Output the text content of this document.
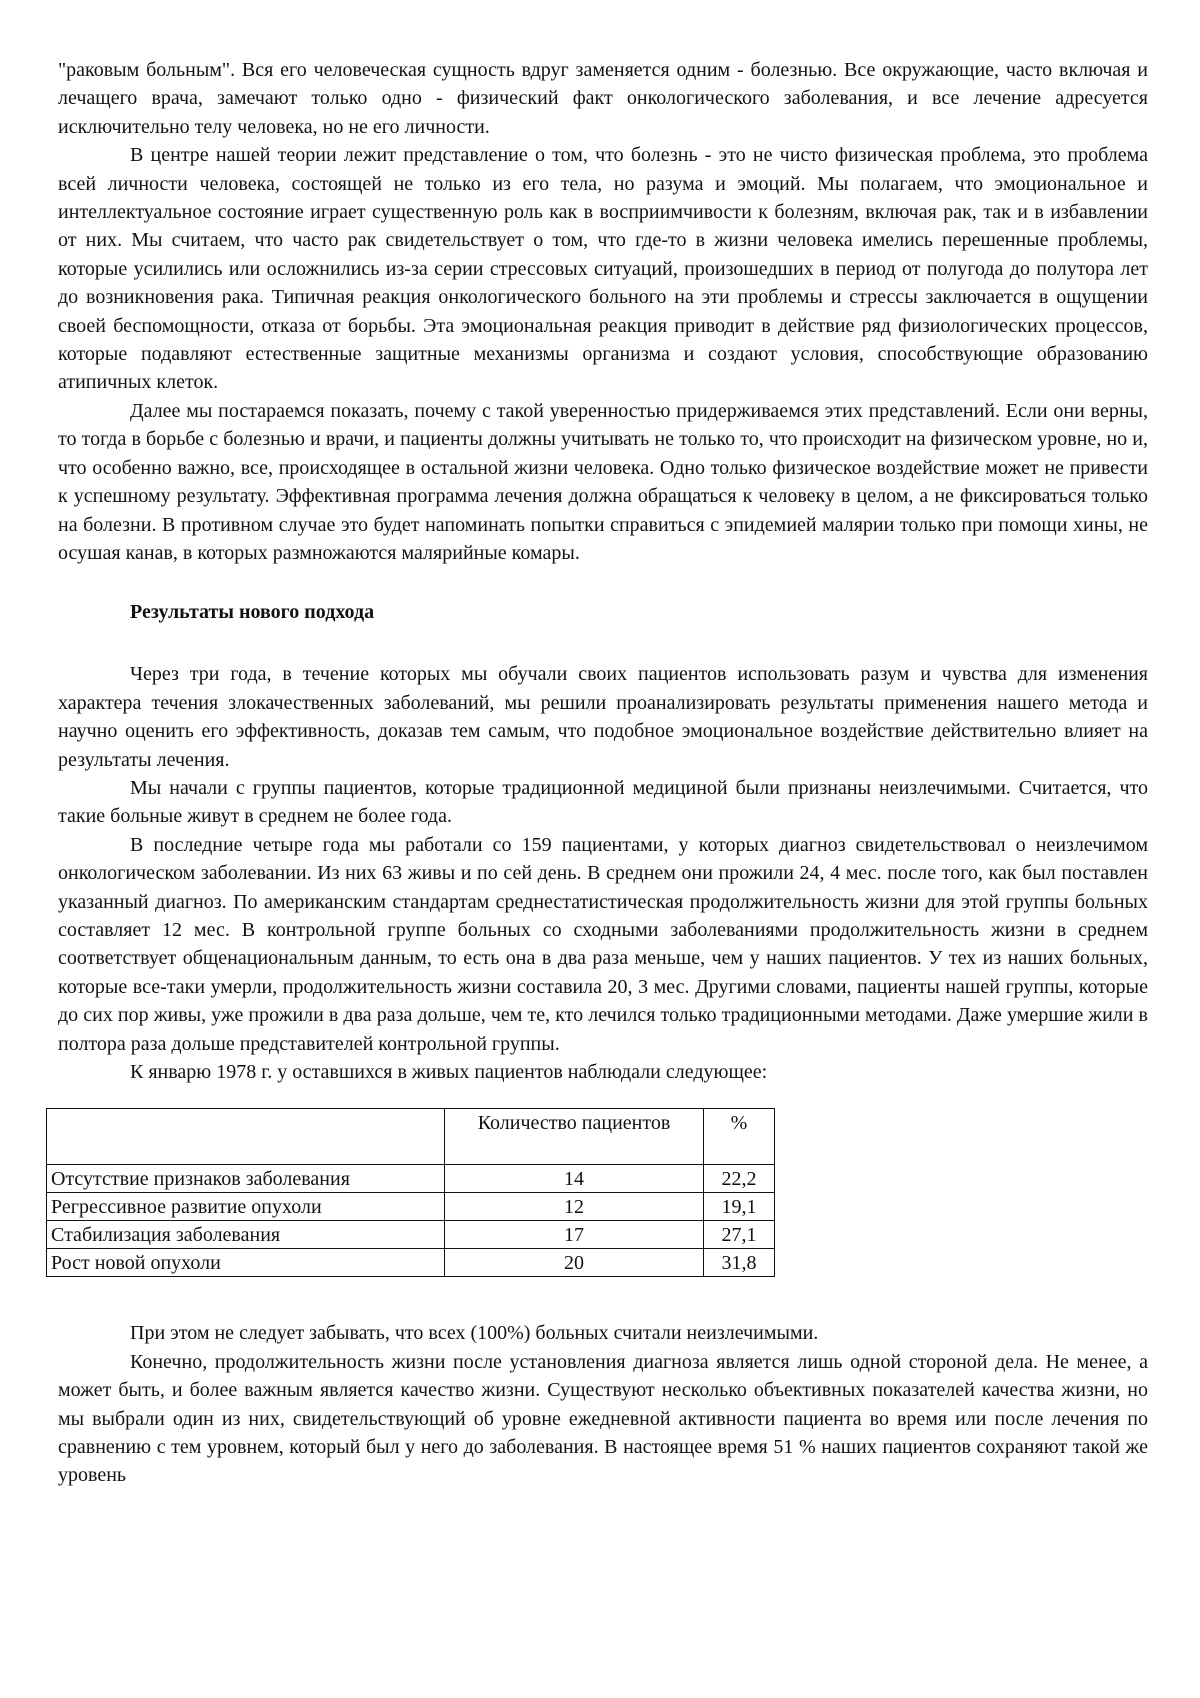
"раковым больным". Вся его человеческая сущность вдруг заменяется одним - болезнью. Все окружающие, часто включая и лечащего врача, замечают только одно - физический факт онкологического заболевания, и все лечение адресуется исключительно телу человека, но не его личности.

В центре нашей теории лежит представление о том, что болезнь - это не чисто физическая проблема, это проблема всей личности человека, состоящей не только из его тела, но разума и эмоций. Мы полагаем, что эмоциональное и интеллектуальное состояние играет существенную роль как в восприимчивости к болезням, включая рак, так и в избавлении от них. Мы считаем, что часто рак свидетельствует о том, что где-то в жизни человека имелись перешенные проблемы, которые усилились или осложнились из-за серии стрессовых ситуаций, произошедших в период от полугода до полутора лет до возникновения рака. Типичная реакция онкологического больного на эти проблемы и стрессы заключается в ощущении своей беспомощности, отказа от борьбы. Эта эмоциональная реакция приводит в действие ряд физиологических процессов, которые подавляют естественные защитные механизмы организма и создают условия, способствующие образованию атипичных клеток.

Далее мы постараемся показать, почему с такой уверенностью придерживаемся этих представлений. Если они верны, то тогда в борьбе с болезнью и врачи, и пациенты должны учитывать не только то, что происходит на физическом уровне, но и, что особенно важно, все, происходящее в остальной жизни человека. Одно только физическое воздействие может не привести к успешному результату. Эффективная программа лечения должна обращаться к человеку в целом, а не фиксироваться только на болезни. В противном случае это будет напоминать попытки справиться с эпидемией малярии только при помощи хины, не осушая канав, в которых размножаются малярийные комары.

Результаты нового подхода

Через три года, в течение которых мы обучали своих пациентов использовать разум и чувства для изменения характера течения злокачественных заболеваний, мы решили проанализировать результаты применения нашего метода и научно оценить его эффективность, доказав тем самым, что подобное эмоциональное воздействие действительно влияет на результаты лечения.

Мы начали с группы пациентов, которые традиционной медициной были признаны неизлечимыми. Считается, что такие больные живут в среднем не более года.

В последние четыре года мы работали со 159 пациентами, у которых диагноз свидетельствовал о неизлечимом онкологическом заболевании. Из них 63 живы и по сей день. В среднем они прожили 24, 4 мес. после того, как был поставлен указанный диагноз. По американским стандартам среднестатистическая продолжительность жизни для этой группы больных составляет 12 мес. В контрольной группе больных со сходными заболеваниями продолжительность жизни в среднем соответствует общенациональным данным, то есть она в два раза меньше, чем у наших пациентов. У тех из наших больных, которые все-таки умерли, продолжительность жизни составила 20, 3 мес. Другими словами, пациенты нашей группы, которые до сих пор живы, уже прожили в два раза дольше, чем те, кто лечился только традиционными методами. Даже умершие жили в полтора раза дольше представителей контрольной группы.

К январю 1978 г. у оставшихся в живых пациентов наблюдали следующее:

	Количество пациентов	%
Отсутствие признаков заболевания	14	22,2
Регрессивное развитие опухоли	12	19,1
Стабилизация заболевания	17	27,1
Рост новой опухоли	20	31,8

При этом не следует забывать, что всех (100%) больных считали неизлечимыми.

Конечно, продолжительность жизни после установления диагноза является лишь одной стороной дела. Не менее, а может быть, и более важным является качество жизни. Существуют несколько объективных показателей качества жизни, но мы выбрали один из них, свидетельствующий об уровне ежедневной активности пациента во время или после лечения по сравнению с тем уровнем, который был у него до заболевания. В настоящее время 51 % наших пациентов сохраняют такой же уровень
